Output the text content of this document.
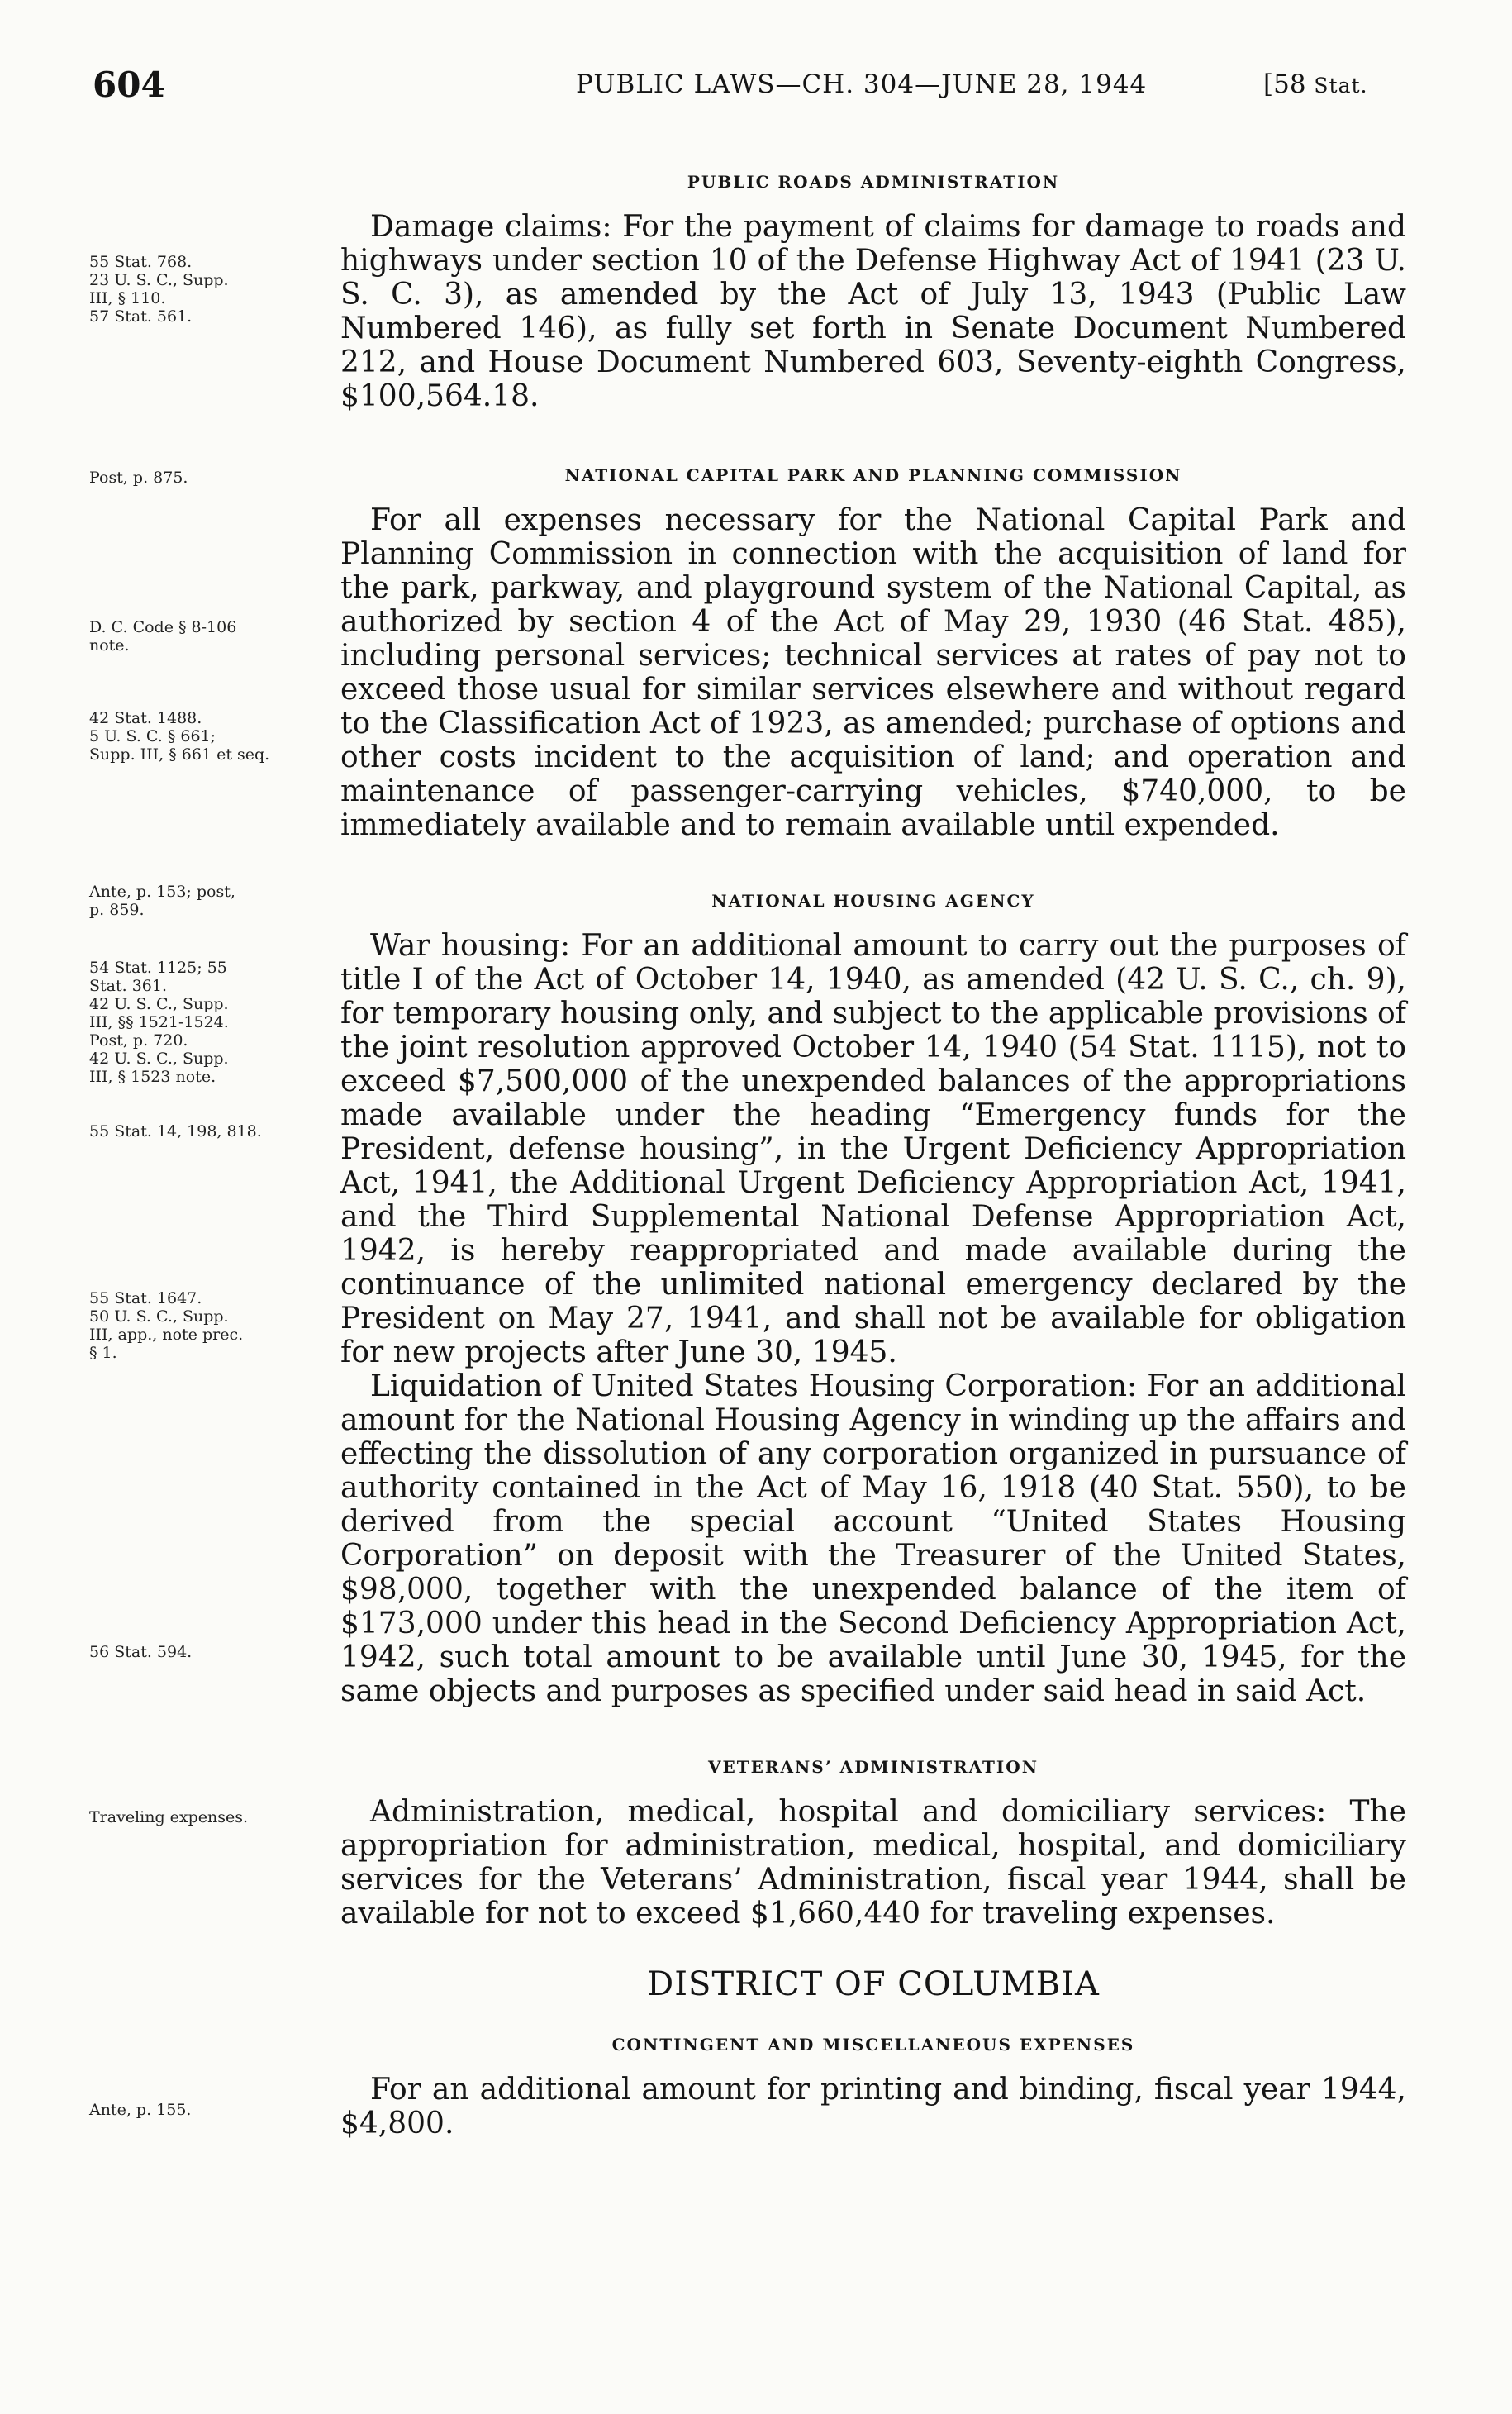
604	PUBLIC LAWS—CH. 304—JUNE 28, 1944	[58 Stat.

55 Stat. 768.

23 U. S. C., Supp.

III, § 110.

57 Stat. 561.

Post, p. 875.

D. C. Code § 8-106

note.

42 Stat. 1488.

5 U. S. C. § 661;

Supp. III, § 661 et seq.

Ante, p. 153; post,

p. 859.

54 Stat. 1125; 55

Stat. 361.

42 U. S. C., Supp.

III, §§ 1521-1524.

Post, p. 720.

42 U. S. C., Supp.

III, § 1523 note.

55 Stat. 14, 198, 818.

55 Stat. 1647.

50 U. S. C., Supp.

III, app., note prec.

§ 1.

56 Stat. 594.

Traveling expenses.

Ante, p. 155.

PUBLIC ROADS ADMINISTRATION

Damage claims: For the payment of claims for damage to roads and highways under section 10 of the Defense Highway Act of 1941 (23 U. S. C. 3), as amended by the Act of July 13, 1943 (Public Law Numbered 146), as fully set forth in Senate Document Numbered 212, and House Document Numbered 603, Seventy-eighth Congress, $100,564.18.

NATIONAL CAPITAL PARK AND PLANNING COMMISSION

For all expenses necessary for the National Capital Park and Planning Commission in connection with the acquisition of land for the park, parkway, and playground system of the National Capital, as authorized by section 4 of the Act of May 29, 1930 (46 Stat. 485), including personal services; technical services at rates of pay not to exceed those usual for similar services elsewhere and without regard to the Classification Act of 1923, as amended; purchase of options and other costs incident to the acquisition of land; and operation and maintenance of passenger-carrying vehicles, $740,000, to be immediately available and to remain available until expended.

NATIONAL HOUSING AGENCY

War housing: For an additional amount to carry out the purposes of title I of the Act of October 14, 1940, as amended (42 U. S. C., ch. 9), for temporary housing only, and subject to the applicable provisions of the joint resolution approved October 14, 1940 (54 Stat. 1115), not to exceed $7,500,000 of the unexpended balances of the appropriations made available under the heading “Emergency funds for the President, defense housing”, in the Urgent Deficiency Appropriation Act, 1941, the Additional Urgent Deficiency Appropriation Act, 1941, and the Third Supplemental National Defense Appropriation Act, 1942, is hereby reappropriated and made available during the continuance of the unlimited national emergency declared by the President on May 27, 1941, and shall not be available for obligation for new projects after June 30, 1945.

Liquidation of United States Housing Corporation: For an additional amount for the National Housing Agency in winding up the affairs and effecting the dissolution of any corporation organized in pursuance of authority contained in the Act of May 16, 1918 (40 Stat. 550), to be derived from the special account “United States Housing Corporation” on deposit with the Treasurer of the United States, $98,000, together with the unexpended balance of the item of $173,000 under this head in the Second Deficiency Appropriation Act, 1942, such total amount to be available until June 30, 1945, for the same objects and purposes as specified under said head in said Act.

VETERANS’ ADMINISTRATION

Administration, medical, hospital and domiciliary services: The appropriation for administration, medical, hospital, and domiciliary services for the Veterans’ Administration, fiscal year 1944, shall be available for not to exceed $1,660,440 for traveling expenses.

DISTRICT OF COLUMBIA

CONTINGENT AND MISCELLANEOUS EXPENSES

For an additional amount for printing and binding, fiscal year 1944, $4,800.
